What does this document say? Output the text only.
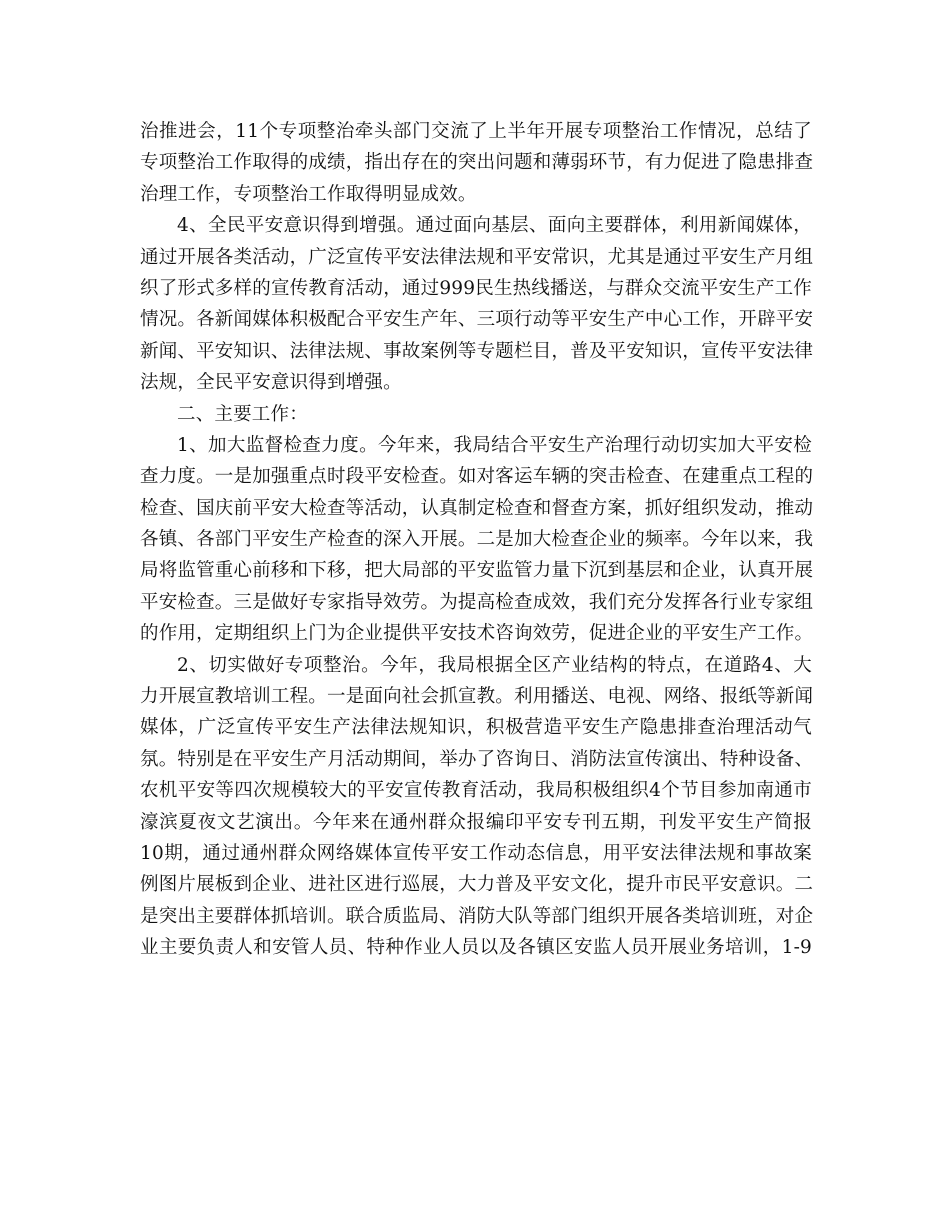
治推进会，11个专项整治牵头部门交流了上半年开展专项整治工作情况，总结了
专项整治工作取得的成绩，指出存在的突出问题和薄弱环节，有力促进了隐患排查
治理工作，专项整治工作取得明显成效。
4、全民平安意识得到增强。通过面向基层、面向主要群体，利用新闻媒体，
通过开展各类活动，广泛宣传平安法律法规和平安常识，尤其是通过平安生产月组
织了形式多样的宣传教育活动，通过999民生热线播送，与群众交流平安生产工作
情况。各新闻媒体积极配合平安生产年、三项行动等平安生产中心工作，开辟平安
新闻、平安知识、法律法规、事故案例等专题栏目，普及平安知识，宣传平安法律
法规，全民平安意识得到增强。
二、主要工作：
1、加大监督检查力度。今年来，我局结合平安生产治理行动切实加大平安检
查力度。一是加强重点时段平安检查。如对客运车辆的突击检查、在建重点工程的
检查、国庆前平安大检查等活动，认真制定检查和督查方案，抓好组织发动，推动
各镇、各部门平安生产检查的深入开展。二是加大检查企业的频率。今年以来，我
局将监管重心前移和下移，把大局部的平安监管力量下沉到基层和企业，认真开展
平安检查。三是做好专家指导效劳。为提高检查成效，我们充分发挥各行业专家组
的作用，定期组织上门为企业提供平安技术咨询效劳，促进企业的平安生产工作。
2、切实做好专项整治。今年，我局根据全区产业结构的特点，在道路4、大
力开展宣教培训工程。一是面向社会抓宣教。利用播送、电视、网络、报纸等新闻
媒体，广泛宣传平安生产法律法规知识，积极营造平安生产隐患排查治理活动气
氛。特别是在平安生产月活动期间，举办了咨询日、消防法宣传演出、特种设备、
农机平安等四次规模较大的平安宣传教育活动，我局积极组织4个节目参加南通市
濠滨夏夜文艺演出。今年来在通州群众报编印平安专刊五期，刊发平安生产简报
10期，通过通州群众网络媒体宣传平安工作动态信息，用平安法律法规和事故案
例图片展板到企业、进社区进行巡展，大力普及平安文化，提升市民平安意识。二
是突出主要群体抓培训。联合质监局、消防大队等部门组织开展各类培训班，对企
业主要负责人和安管人员、特种作业人员以及各镇区安监人员开展业务培训，1-9
